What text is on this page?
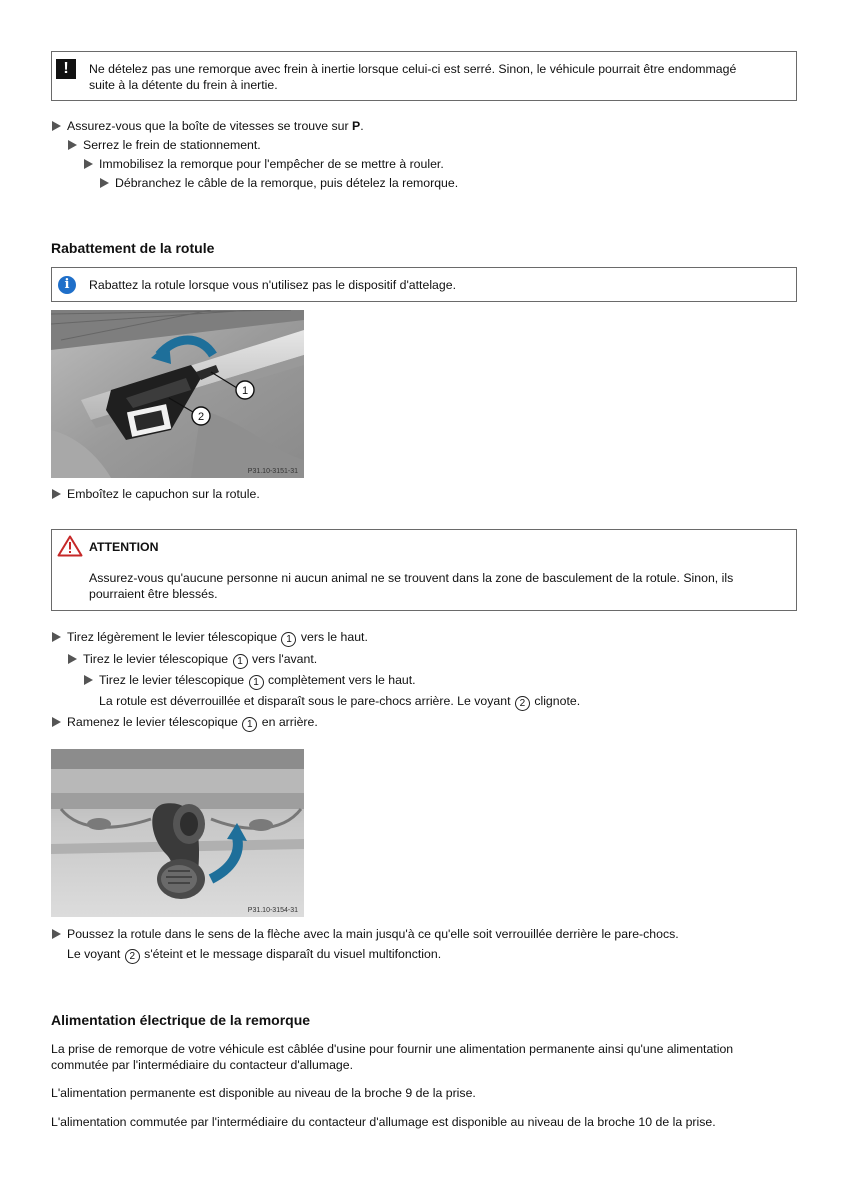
!	Ne dételez pas une remorque avec frein à inertie lorsque celui-ci est serré. Sinon, le véhicule pourrait être endommagé
suite à la détente du frein à inertie.
Assurez-vous que la boîte de vitesses se trouve sur P.
Serrez le frein de stationnement.
Immobilisez la remorque pour l'empêcher de se mettre à rouler.
Débranchez le câble de la remorque, puis dételez la remorque.
Rabattement de la rotule
i	Rabattez la rotule lorsque vous n'utilisez pas le dispositif d'attelage.
1
2
P31.10-3151-31
Emboîtez le capuchon sur la rotule.
ATTENTION
Assurez-vous qu'aucune personne ni aucun animal ne se trouvent dans la zone de basculement de la rotule. Sinon, ils
pourraient être blessés.
Tirez légèrement le levier télescopique 1 vers le haut.
Tirez le levier télescopique 1 vers l'avant.
Tirez le levier télescopique 1 complètement vers le haut.
La rotule est déverrouillée et disparaît sous le pare-chocs arrière. Le voyant 2 clignote.
Ramenez le levier télescopique 1 en arrière.
P31.10-3154-31
Poussez la rotule dans le sens de la flèche avec la main jusqu'à ce qu'elle soit verrouillée derrière le pare-chocs.
Le voyant 2 s'éteint et le message disparaît du visuel multifonction.
Alimentation électrique de la remorque
La prise de remorque de votre véhicule est câblée d'usine pour fournir une alimentation permanente ainsi qu'une alimentation
commutée par l'intermédiaire du contacteur d'allumage.
L'alimentation permanente est disponible au niveau de la broche 9 de la prise.
L'alimentation commutée par l'intermédiaire du contacteur d'allumage est disponible au niveau de la broche 10 de la prise.
